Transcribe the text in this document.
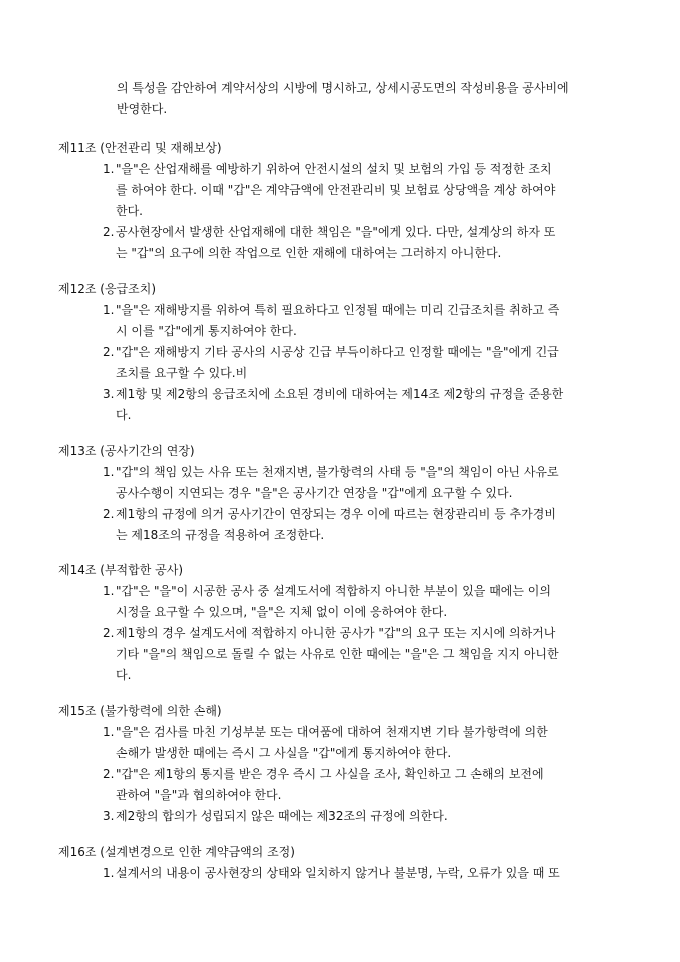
의 특성을 감안하여 계약서상의 시방에 명시하고, 상세시공도면의 작성비용을 공사비에
반영한다.
제11조 (안전관리 및 재해보상)
1. "을"은 산업재해를 예방하기 위하여 안전시설의 설치 및 보험의 가입 등 적정한 조치
를 하여야 한다. 이때 "갑"은 계약금액에 안전관리비 및 보험료 상당액을 계상 하여야
한다.
2. 공사현장에서 발생한 산업재해에 대한 책임은 "을"에게 있다. 다만, 설계상의 하자 또
는 "갑"의 요구에 의한 작업으로 인한 재해에 대하여는 그러하지 아니한다.
제12조 (응급조치)
1. "을"은 재해방지를 위하여 특히 필요하다고 인정될 때에는 미리 긴급조치를 취하고 즉
시 이를 "갑"에게 통지하여야 한다.
2. "갑"은 재해방지 기타 공사의 시공상 긴급 부득이하다고 인정할 때에는 "을"에게 긴급
조치를 요구할 수 있다.비
3. 제1항 및 제2항의 응급조치에 소요된 경비에 대하여는 제14조 제2항의 규정을 준용한
다.
제13조 (공사기간의 연장)
1. "갑"의 책임 있는 사유 또는 천재지변, 불가항력의 사태 등 "을"의 책임이 아닌 사유로
공사수행이 지연되는 경우 "을"은 공사기간 연장을 "갑"에게 요구할 수 있다.
2. 제1항의 규정에 의거 공사기간이 연장되는 경우 이에 따르는 현장관리비 등 추가경비
는 제18조의 규정을 적용하여 조정한다.
제14조 (부적합한 공사)
1. "갑"은 "을"이 시공한 공사 중 설계도서에 적합하지 아니한 부분이 있을 때에는 이의
시정을 요구할 수 있으며, "을"은 지체 없이 이에 응하여야 한다.
2. 제1항의 경우 설계도서에 적합하지 아니한 공사가 "갑"의 요구 또는 지시에 의하거나
기타 "을"의 책임으로 돌릴 수 없는 사유로 인한 때에는 "을"은 그 책임을 지지 아니한
다.
제15조 (불가항력에 의한 손해)
1. "을"은 검사를 마친 기성부분 또는 대여품에 대하여 천재지변 기타 불가항력에 의한
손해가 발생한 때에는 즉시 그 사실을 "갑"에게 통지하여야 한다.
2. "갑"은 제1항의 통지를 받은 경우 즉시 그 사실을 조사, 확인하고 그 손해의 보전에
관하여 "을"과 협의하여야 한다.
3. 제2항의 합의가 성립되지 않은 때에는 제32조의 규정에 의한다.
제16조 (설계변경으로 인한 계약금액의 조정)
1. 설계서의 내용이 공사현장의 상태와 일치하지 않거나 불분명, 누락, 오류가 있을 때 또
